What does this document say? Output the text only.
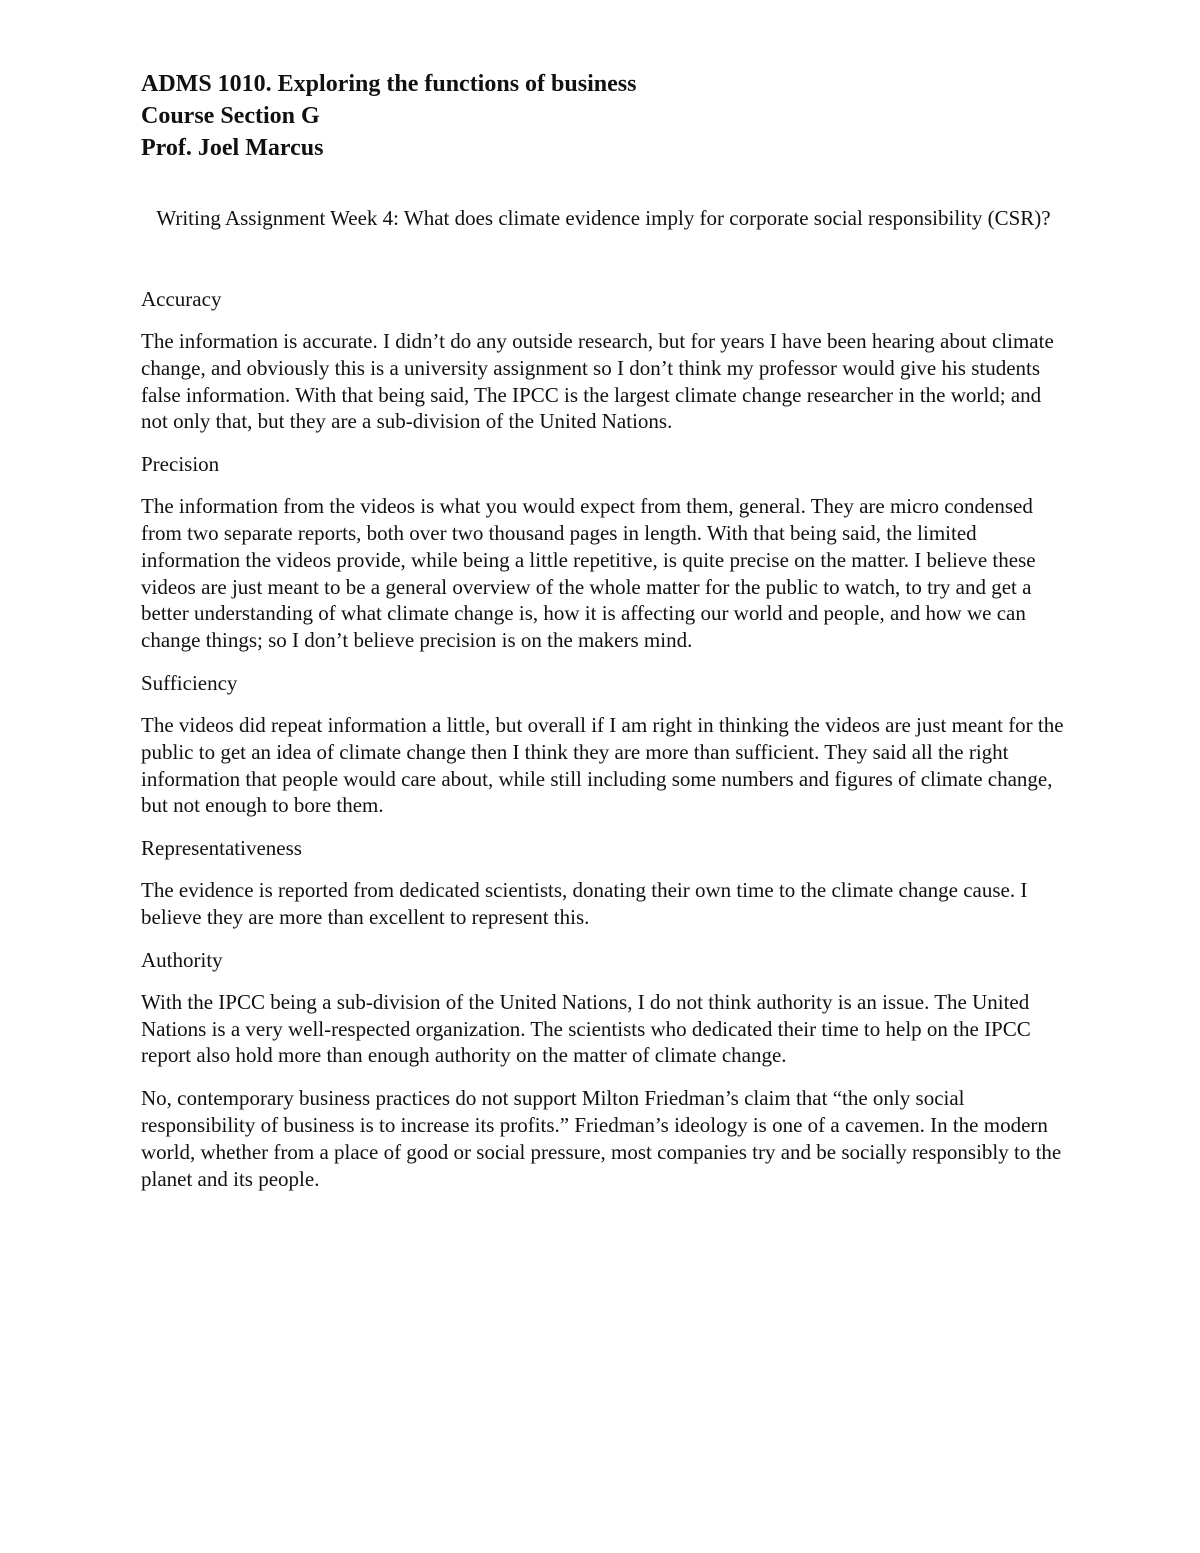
ADMS 1010. Exploring the functions of business

Course Section G

Prof. Joel Marcus

Writing Assignment Week 4: What does climate evidence imply for corporate social responsibility (CSR)?

Accuracy

The information is accurate. I didn’t do any outside research, but for years I have been hearing about climate change, and obviously this is a university assignment so I don’t think my professor would give his students false information. With that being said, The IPCC is the largest climate change researcher in the world; and not only that, but they are a sub-division of the United Nations.

Precision

The information from the videos is what you would expect from them, general. They are micro condensed from two separate reports, both over two thousand pages in length. With that being said, the limited information the videos provide, while being a little repetitive, is quite precise on the matter. I believe these videos are just meant to be a general overview of the whole matter for the public to watch, to try and get a better understanding of what climate change is, how it is affecting our world and people, and how we can change things; so I don’t believe precision is on the makers mind.

Sufficiency

The videos did repeat information a little, but overall if I am right in thinking the videos are just meant for the public to get an idea of climate change then I think they are more than sufficient. They said all the right information that people would care about, while still including some numbers and figures of climate change, but not enough to bore them.

Representativeness

The evidence is reported from dedicated scientists, donating their own time to the climate change cause. I believe they are more than excellent to represent this.

Authority

With the IPCC being a sub-division of the United Nations, I do not think authority is an issue. The United Nations is a very well-respected organization. The scientists who dedicated their time to help on the IPCC report also hold more than enough authority on the matter of climate change.

No, contemporary business practices do not support Milton Friedman’s claim that “the only social responsibility of business is to increase its profits.” Friedman’s ideology is one of a cavemen. In the modern world, whether from a place of good or social pressure, most companies try and be socially responsibly to the planet and its people.
